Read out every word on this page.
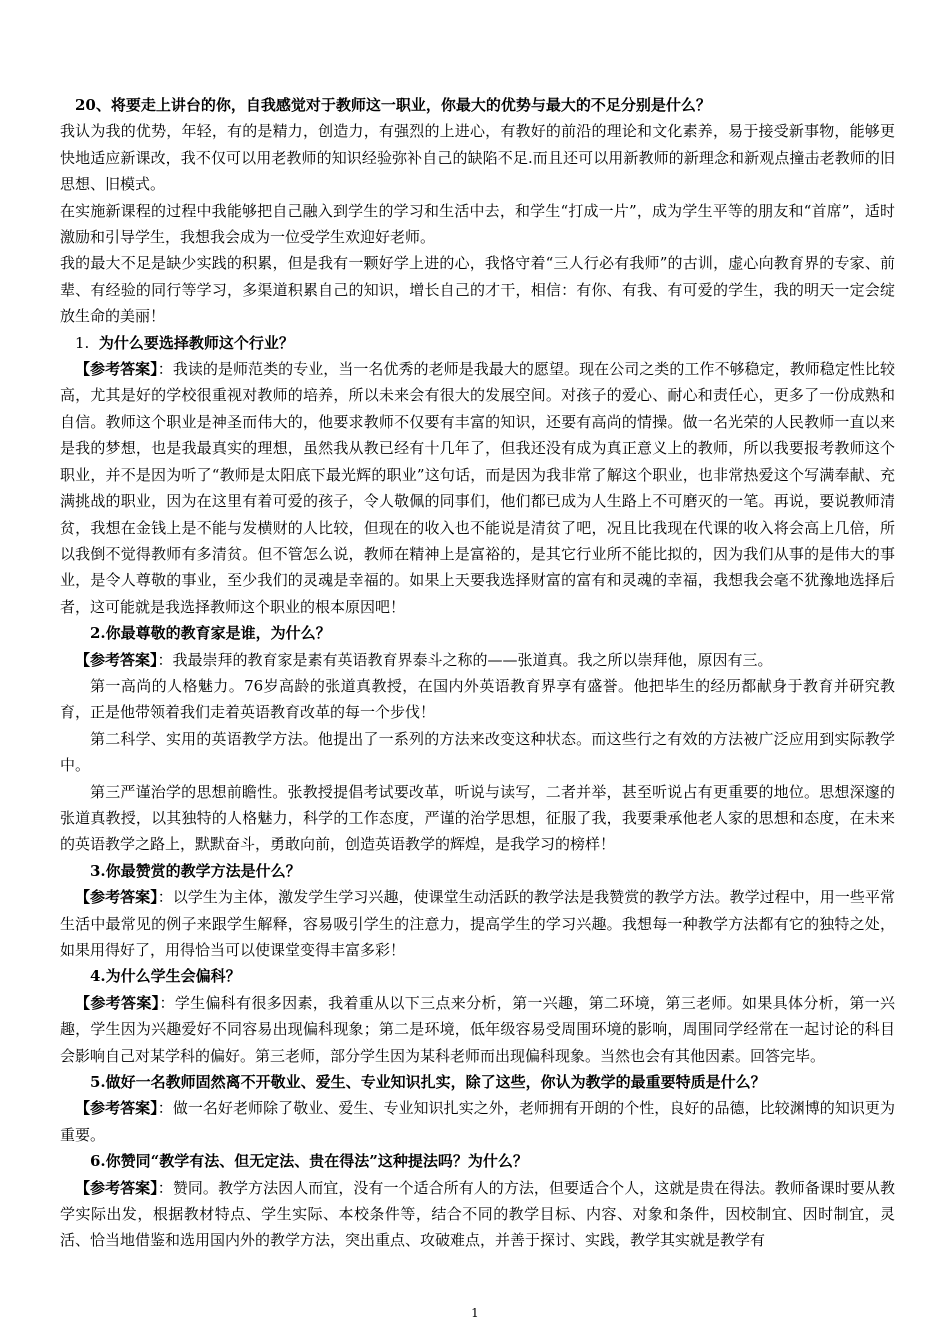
20、将要走上讲台的你，自我感觉对于教师这一职业，你最大的优势与最大的不足分别是什么？

我认为我的优势，年轻，有的是精力，创造力，有强烈的上进心，有教好的前沿的理论和文化素养，易于接受新事物，能够更快地适应新课改，我不仅可以用老教师的知识经验弥补自己的缺陷不足.而且还可以用新教师的新理念和新观点撞击老教师的旧思想、旧模式。

在实施新课程的过程中我能够把自己融入到学生的学习和生活中去，和学生“打成一片”，成为学生平等的朋友和“首席”，适时激励和引导学生，我想我会成为一位受学生欢迎好老师。

我的最大不足是缺少实践的积累，但是我有一颗好学上进的心，我恪守着“三人行必有我师”的古训，虚心向教育界的专家、前辈、有经验的同行等学习，多渠道积累自己的知识，增长自己的才干，相信：有你、有我、有可爱的学生，我的明天一定会绽放生命的美丽！

1. 为什么要选择教师这个行业？

【参考答案】：我读的是师范类的专业，当一名优秀的老师是我最大的愿望。现在公司之类的工作不够稳定，教师稳定性比较高，尤其是好的学校很重视对教师的培养，所以未来会有很大的发展空间。对孩子的爱心、耐心和责任心，更多了一份成熟和自信。教师这个职业是神圣而伟大的，他要求教师不仅要有丰富的知识，还要有高尚的情操。做一名光荣的人民教师一直以来是我的梦想，也是我最真实的理想，虽然我从教已经有十几年了，但我还没有成为真正意义上的教师，所以我要报考教师这个职业，并不是因为听了“教师是太阳底下最光辉的职业”这句话，而是因为我非常了解这个职业，也非常热爱这个写满奉献、充满挑战的职业，因为在这里有着可爱的孩子，令人敬佩的同事们，他们都已成为人生路上不可磨灭的一笔。再说，要说教师清贫，我想在金钱上是不能与发横财的人比较，但现在的收入也不能说是清贫了吧，况且比我现在代课的收入将会高上几倍，所以我倒不觉得教师有多清贫。但不管怎么说，教师在精神上是富裕的，是其它行业所不能比拟的，因为我们从事的是伟大的事业，是令人尊敬的事业，至少我们的灵魂是幸福的。如果上天要我选择财富的富有和灵魂的幸福，我想我会毫不犹豫地选择后者，这可能就是我选择教师这个职业的根本原因吧！

2.你最尊敬的教育家是谁，为什么？

【参考答案】：我最崇拜的教育家是素有英语教育界泰斗之称的——张道真。我之所以崇拜他，原因有三。

第一高尚的人格魅力。76岁高龄的张道真教授，在国内外英语教育界享有盛誉。他把毕生的经历都献身于教育并研究教育，正是他带领着我们走着英语教育改革的每一个步伐！

第二科学、实用的英语教学方法。他提出了一系列的方法来改变这种状态。而这些行之有效的方法被广泛应用到实际教学中。

第三严谨治学的思想前瞻性。张教授提倡考试要改革，听说与读写，二者并举，甚至听说占有更重要的地位。思想深邃的张道真教授，以其独特的人格魅力，科学的工作态度，严谨的治学思想，征服了我，我要秉承他老人家的思想和态度，在未来的英语教学之路上，默默奋斗，勇敢向前，创造英语教学的辉煌，是我学习的榜样！

3.你最赞赏的教学方法是什么？

【参考答案】：以学生为主体，激发学生学习兴趣，使课堂生动活跃的教学法是我赞赏的教学方法。教学过程中，用一些平常生活中最常见的例子来跟学生解释，容易吸引学生的注意力，提高学生的学习兴趣。我想每一种教学方法都有它的独特之处，如果用得好了，用得恰当可以使课堂变得丰富多彩！

4.为什么学生会偏科？

【参考答案】：学生偏科有很多因素，我着重从以下三点来分析，第一兴趣，第二环境，第三老师。如果具体分析，第一兴趣，学生因为兴趣爱好不同容易出现偏科现象；第二是环境，低年级容易受周围环境的影响，周围同学经常在一起讨论的科目会影响自己对某学科的偏好。第三老师，部分学生因为某科老师而出现偏科现象。当然也会有其他因素。回答完毕。

5.做好一名教师固然离不开敬业、爱生、专业知识扎实，除了这些，你认为教学的最重要特质是什么？

【参考答案】：做一名好老师除了敬业、爱生、专业知识扎实之外，老师拥有开朗的个性，良好的品德，比较渊博的知识更为重要。

6.你赞同“教学有法、但无定法、贵在得法”这种提法吗？为什么？

【参考答案】：赞同。教学方法因人而宜，没有一个适合所有人的方法，但要适合个人，这就是贵在得法。教师备课时要从教学实际出发，根据教材特点、学生实际、本校条件等，结合不同的教学目标、内容、对象和条件，因校制宜、因时制宜，灵活、恰当地借鉴和选用国内外的教学方法，突出重点、攻破难点，并善于探讨、实践，教学其实就是教学有

1
